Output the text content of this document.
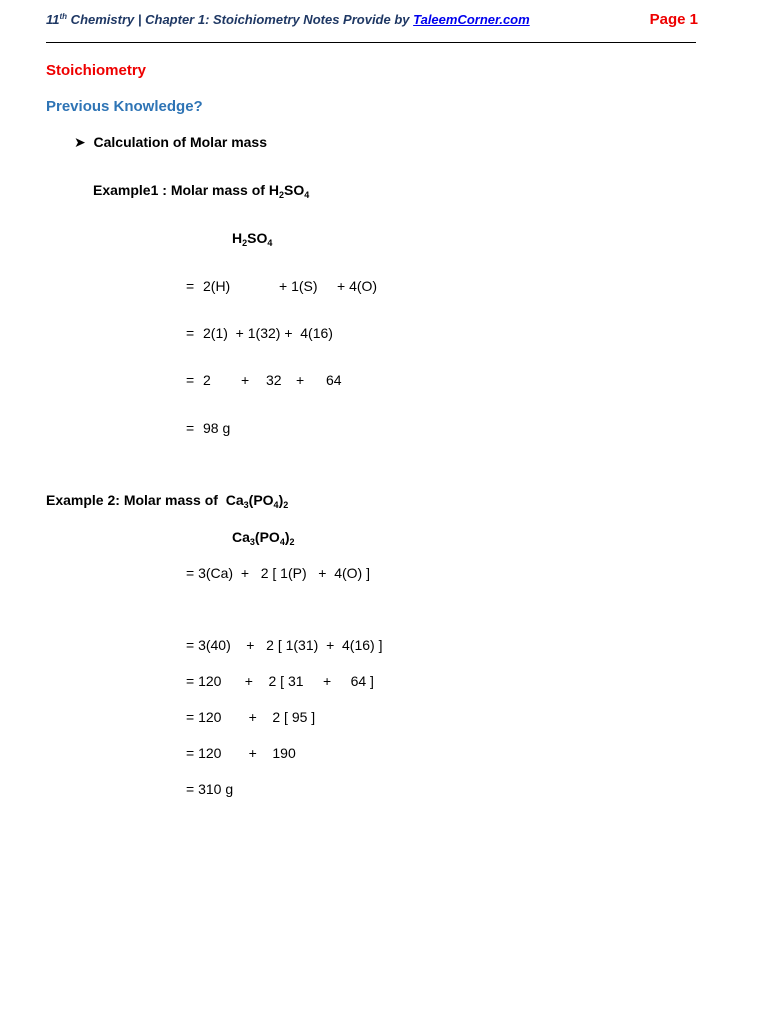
11th Chemistry | Chapter 1: Stoichiometry Notes Provide by TaleemCorner.com	Page 1
Stoichiometry
Previous Knowledge?
➤ Calculation of Molar mass
Example1 : Molar mass of $H_2SO_4$
$H_2SO_4$
= 2(H)	+ 1(S) + 4(O)
= 2(1)  + 1(32) +  4(16)
= 2 + 32 + 64
= 98 g
Example 2: Molar mass of  $Ca_3(PO_4)_2$
$Ca_3(PO_4)_2$
= 3(Ca)  +   2 [ 1(P)   +  4(O) ]
= 3(40)    +   2 [ 1(31)  +  4(16) ]
= 120      +    2 [ 31     +     64 ]
= 120       +    2 [ 95 ]
= 120       +    190
= 310 g
